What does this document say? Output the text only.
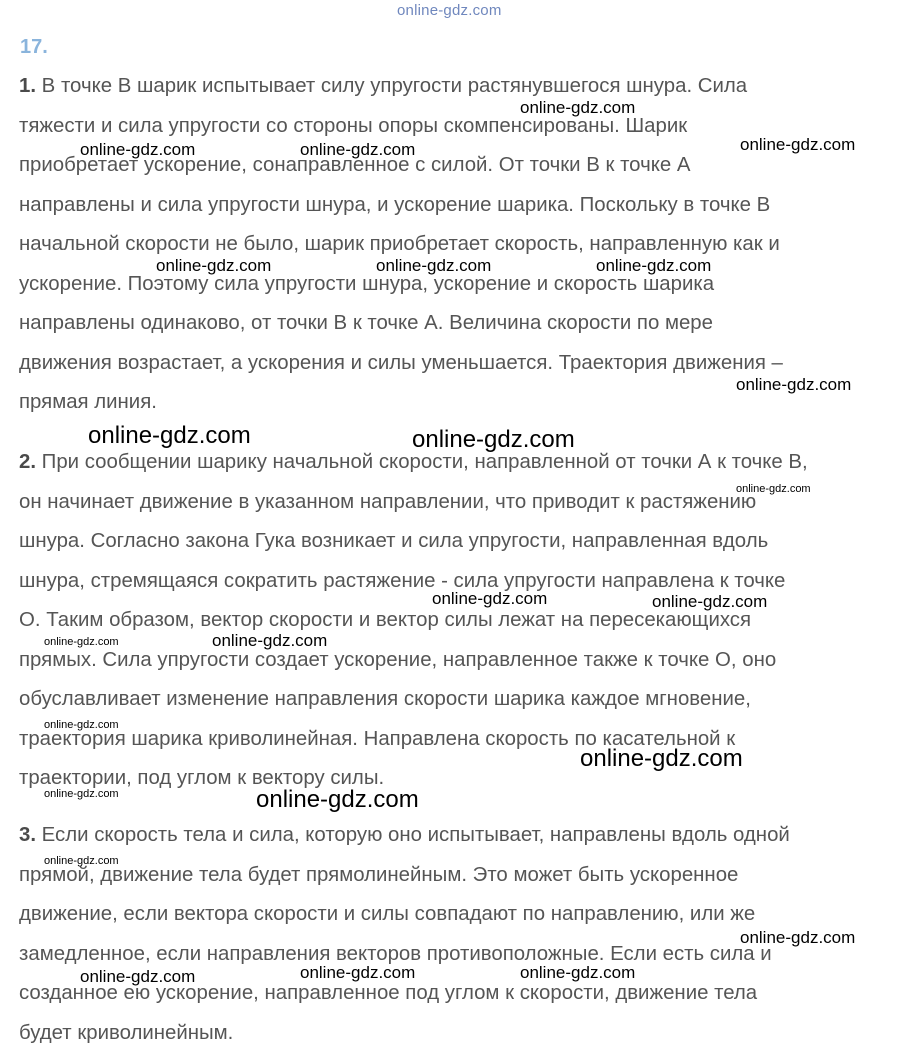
online-gdz.com
17.
1. В точке В шарик испытывает силу упругости растянувшегося шнура. Сила
тяжести и сила упругости со стороны опоры скомпенсированы. Шарик
приобретает ускорение, сонаправленное с силой. От точки В к точке А
направлены и сила упругости шнура, и ускорение шарика. Поскольку в точке В
начальной скорости не было, шарик приобретает скорость, направленную как и
ускорение. Поэтому сила упругости шнура, ускорение и скорость шарика
направлены одинаково, от точки В к точке А. Величина скорости по мере
движения возрастает, а ускорения и силы уменьшается. Траектория движения –
прямая линия.
2. При сообщении шарику начальной скорости, направленной от точки А к точке В,
он начинает движение в указанном направлении, что приводит к растяжению
шнура. Согласно закона Гука возникает и сила упругости, направленная вдоль
шнура, стремящаяся сократить растяжение - сила упругости направлена к точке
О. Таким образом, вектор скорости и вектор силы лежат на пересекающихся
прямых. Сила упругости создает ускорение, направленное также к точке О, оно
обуславливает изменение направления скорости шарика каждое мгновение,
траектория шарика криволинейная. Направлена скорость по касательной к
траектории, под углом к вектору силы.
3. Если скорость тела и сила, которую оно испытывает, направлены вдоль одной
прямой, движение тела будет прямолинейным. Это может быть ускоренное
движение, если вектора скорости и силы совпадают по направлению, или же
замедленное, если направления векторов противоположные. Если есть сила и
созданное ею ускорение, направленное под углом к скорости, движение тела
будет криволинейным.
online-gdz.com
online-gdz.com	online-gdz.com	online-gdz.com
online-gdz.com	online-gdz.com	online-gdz.com
online-gdz.com
online-gdz.com	online-gdz.com
online-gdz.com
online-gdz.com	online-gdz.com
online-gdz.com	online-gdz.com
online-gdz.com
online-gdz.com
online-gdz.com	online-gdz.com
online-gdz.com
online-gdz.com
online-gdz.com	online-gdz.com	online-gdz.com
